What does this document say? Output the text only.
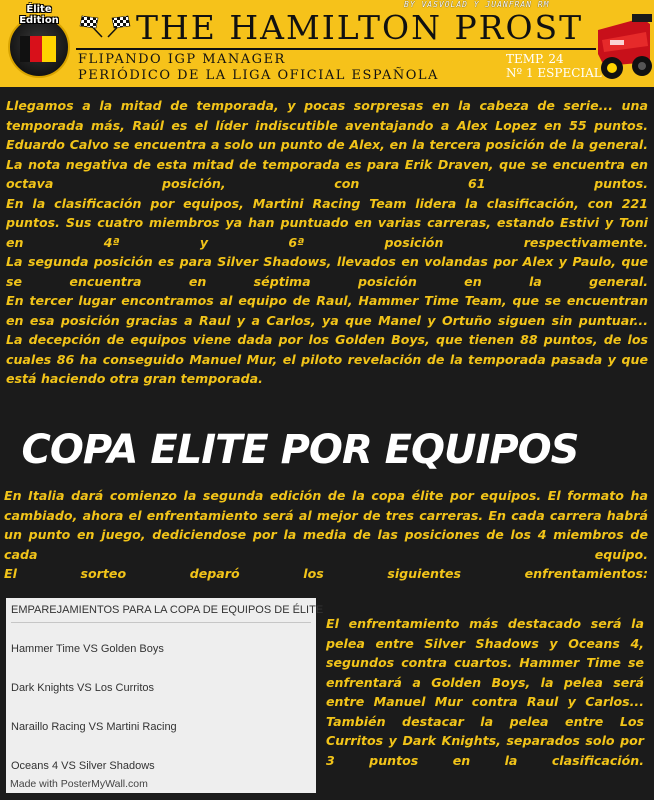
Élite
Edition	THE HAMILTON PROST
BY VASVOLAD Y JUANFRAN RM
FLIPANDO IGP MANAGER
PERIÓDICO DE LA LIGA OFICIAL ESPAÑOLA
TEMP. 24
Nº 1 ESPECIAL

Llegamos a la mitad de temporada, y pocas sorpresas en la cabeza de serie... una temporada más, Raúl es el líder indiscutible aventajando a Alex Lopez en 55 puntos. Eduardo Calvo se encuentra a solo un punto de Alex, en la tercera posición de la general. La nota negativa de esta mitad de temporada es para Erik Draven, que se encuentra en octava posición, con 61 puntos.

En la clasificación por equipos, Martini Racing Team lidera la clasificación, con 221 puntos. Sus cuatro miembros ya han puntuado en varias carreras, estando Estivi y Toni en 4ª y 6ª posición respectivamente.

La segunda posición es para Silver Shadows, llevados en volandas por Alex y Paulo, que se encuentra en séptima posición en la general.

En tercer lugar encontramos al equipo de Raul, Hammer Time Team, que se encuentran en esa posición gracias a Raul y a Carlos, ya que Manel y Ortuño siguen sin puntuar...

La decepción de equipos viene dada por los Golden Boys, que tienen 88 puntos, de los cuales 86 ha conseguido Manuel Mur, el piloto revelación de la temporada pasada y que está haciendo otra gran temporada.

COPA ELITE POR EQUIPOS

En Italia dará comienzo la segunda edición de la copa élite por equipos. El formato ha cambiado, ahora el enfrentamiento será al mejor de tres carreras. En cada carrera habrá un punto en juego, dediciendose por la media de las posiciones de los 4 miembros de cada equipo.

El sorteo deparó los siguientes enfrentamientos:

EMPAREJAMIENTOS PARA LA COPA DE EQUIPOS DE ÉLITE
Hammer Time VS Golden Boys
Dark Knights VS Los Curritos
Naraillo Racing VS Martini Racing
Oceans 4 VS Silver Shadows
Made with PosterMyWall.com

El enfrentamiento más destacado será la pelea entre Silver Shadows y Oceans 4, segundos contra cuartos. Hammer Time se enfrentará a Golden Boys, la pelea será entre Manuel Mur contra Raul y Carlos... También destacar la pelea entre Los Curritos y Dark Knights, separados solo por 3 puntos en la clasificación.
